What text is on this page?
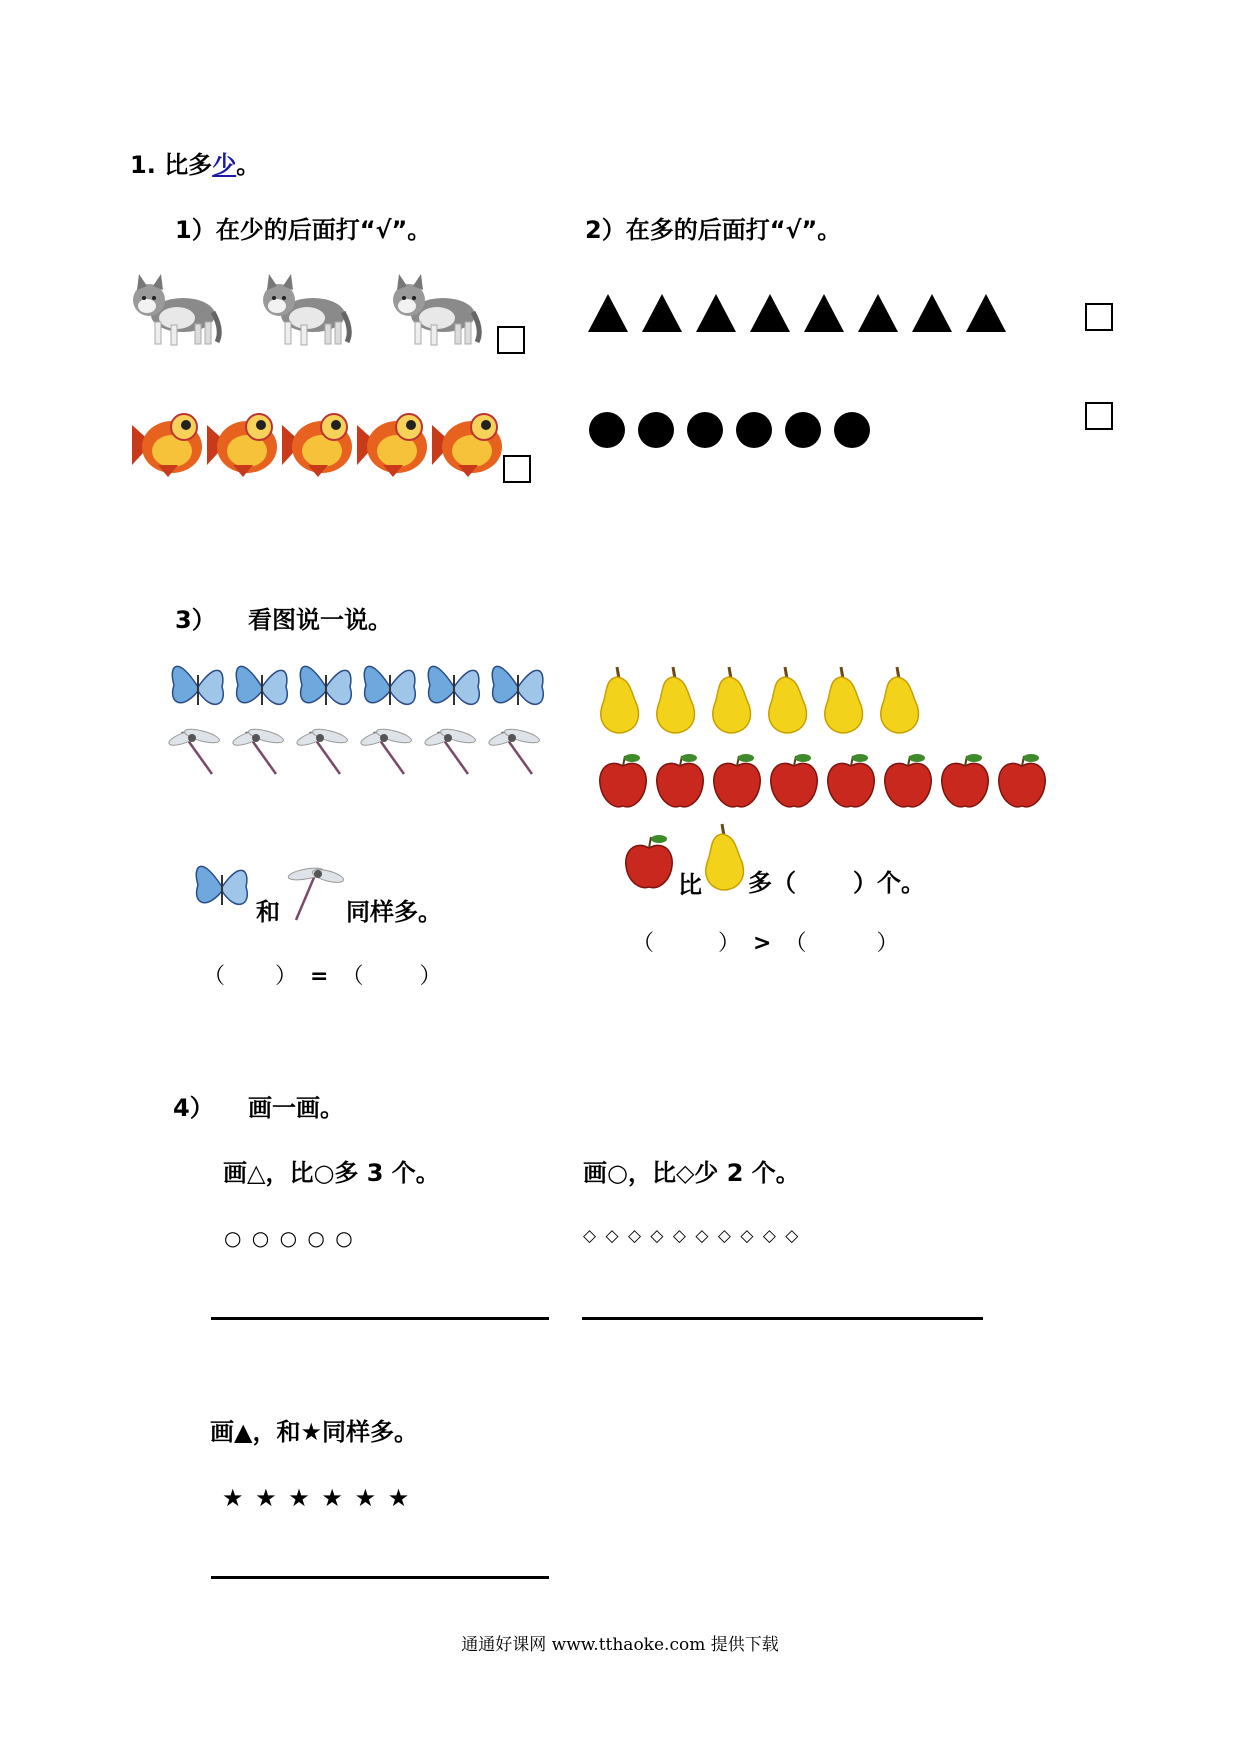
1. 比多少。
1）在少的后面打“√”。	2）在多的后面打“√”。
3） 看图说一说。
和	同样多。
（ ） = （	）
比 多（ ）个。
（	） > （	）
4） 画一画。
画△，比○多 3 个。
○ ○ ○ ○ ○
画○，比◇少 2 个。
◇ ◇ ◇ ◇ ◇ ◇ ◇ ◇ ◇ ◇
画▲，和★同样多。
★ ★ ★ ★ ★ ★
通通好课网 www.tthaoke.com 提供下载
